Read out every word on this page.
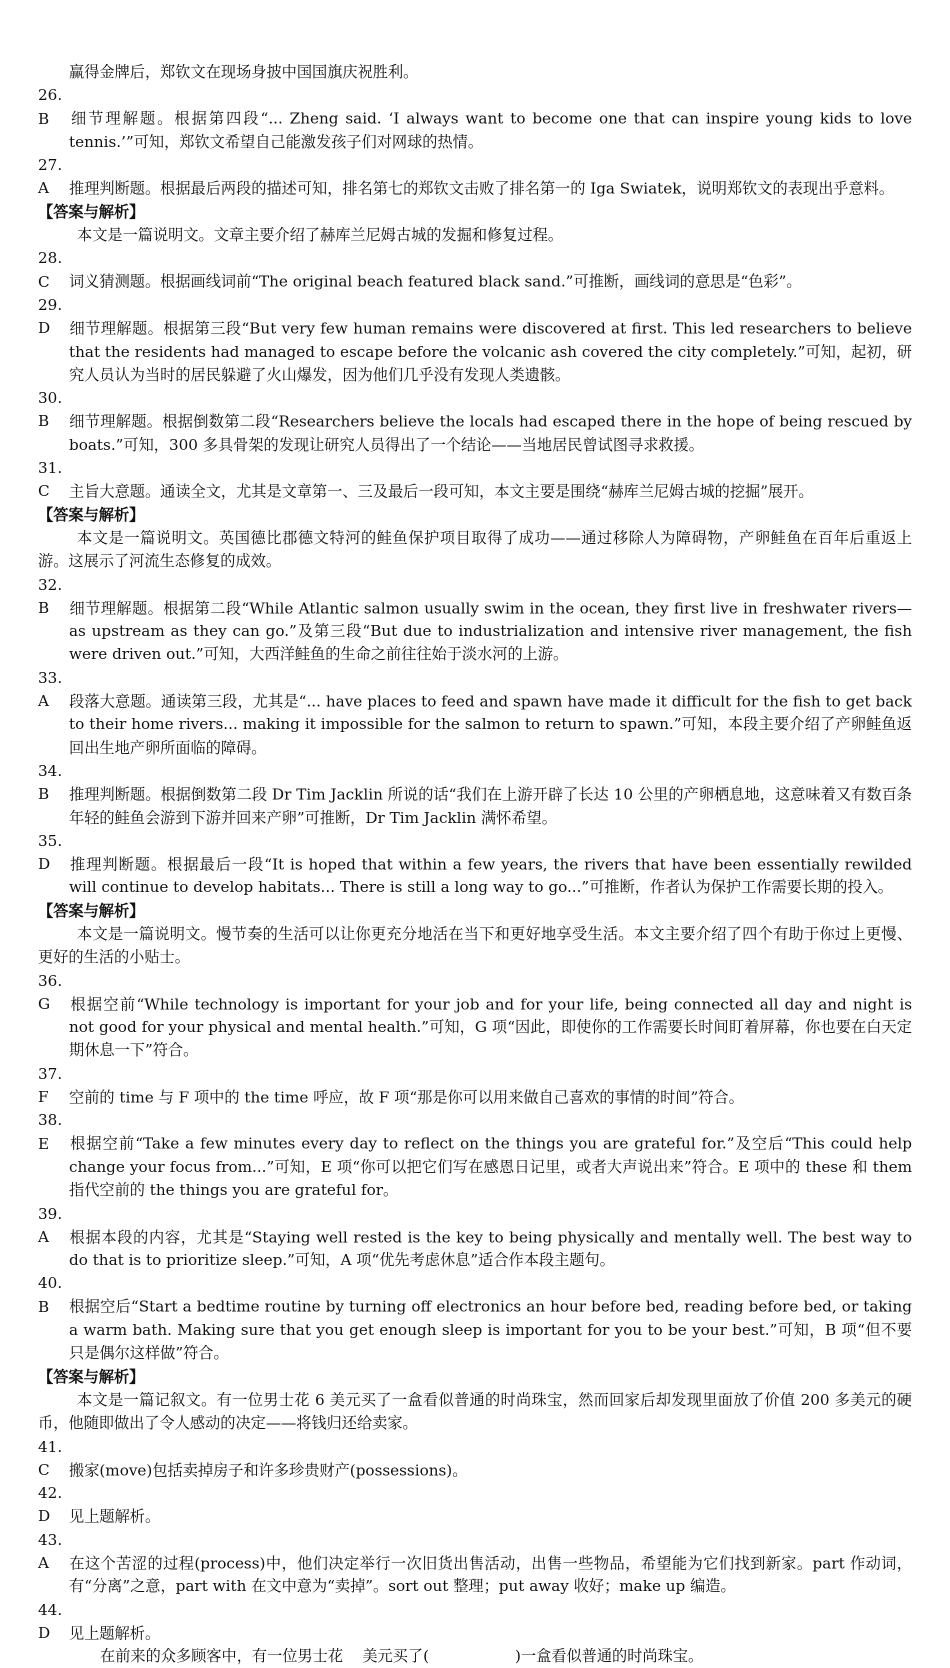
赢得金牌后，郑钦文在现场身披中国国旗庆祝胜利。

26. B 细节理解题。根据第四段“... Zheng said. ‘I always want to become one that can inspire young kids to love tennis.’”可知，郑钦文希望自己能激发孩子们对网球的热情。

27. A 推理判断题。根据最后两段的描述可知，排名第七的郑钦文击败了排名第一的 Iga Swiatek，说明郑钦文的表现出乎意料。

【答案与解析】

本文是一篇说明文。文章主要介绍了赫库兰尼姆古城的发掘和修复过程。

28. C 词义猜测题。根据画线词前“The original beach featured black sand.”可推断，画线词的意思是“色彩”。

29. D 细节理解题。根据第三段“But very few human remains were discovered at first. This led researchers to believe that the residents had managed to escape before the volcanic ash covered the city completely.”可知，起初，研究人员认为当时的居民躲避了火山爆发，因为他们几乎没有发现人类遗骸。

30. B 细节理解题。根据倒数第二段“Researchers believe the locals had escaped there in the hope of being rescued by boats.”可知，300 多具骨架的发现让研究人员得出了一个结论——当地居民曾试图寻求救援。

31. C 主旨大意题。通读全文，尤其是文章第一、三及最后一段可知，本文主要是围绕“赫库兰尼姆古城的挖掘”展开。

【答案与解析】

本文是一篇说明文。英国德比郡德文特河的鲑鱼保护项目取得了成功——通过移除人为障碍物，产卵鲑鱼在百年后重返上游。这展示了河流生态修复的成效。

32. B 细节理解题。根据第二段“While Atlantic salmon usually swim in the ocean, they first live in freshwater rivers—as upstream as they can go.”及第三段“But due to industrialization and intensive river management, the fish were driven out.”可知，大西洋鲑鱼的生命之前往往始于淡水河的上游。

33. A 段落大意题。通读第三段，尤其是“... have places to feed and spawn have made it difficult for the fish to get back to their home rivers... making it impossible for the salmon to return to spawn.”可知，本段主要介绍了产卵鲑鱼返回出生地产卵所面临的障碍。

34. B 推理判断题。根据倒数第二段 Dr Tim Jacklin 所说的话“我们在上游开辟了长达 10 公里的产卵栖息地，这意味着又有数百条年轻的鲑鱼会游到下游并回来产卵”可推断，Dr Tim Jacklin 满怀希望。

35. D 推理判断题。根据最后一段“It is hoped that within a few years, the rivers that have been essentially rewilded will continue to develop habitats... There is still a long way to go...”可推断，作者认为保护工作需要长期的投入。

【答案与解析】

本文是一篇说明文。慢节奏的生活可以让你更充分地活在当下和更好地享受生活。本文主要介绍了四个有助于你过上更慢、更好的生活的小贴士。

36. G 根据空前“While technology is important for your job and for your life, being connected all day and night is not good for your physical and mental health.”可知，G 项“因此，即使你的工作需要长时间盯着屏幕，你也要在白天定期休息一下”符合。

37. F 空前的 time 与 F 项中的 the time 呼应，故 F 项“那是你可以用来做自己喜欢的事情的时间”符合。

38. E 根据空前“Take a few minutes every day to reflect on the things you are grateful for.”及空后“This could help change your focus from...”可知，E 项“你可以把它们写在感恩日记里，或者大声说出来”符合。E 项中的 these 和 them 指代空前的 the things you are grateful for。

39. A 根据本段的内容，尤其是“Staying well rested is the key to being physically and mentally well. The best way to do that is to prioritize sleep.”可知，A 项“优先考虑休息”适合作本段主题句。

40. B 根据空后“Start a bedtime routine by turning off electronics an hour before bed, reading before bed, or taking a warm bath. Making sure that you get enough sleep is important for you to be your best.”可知，B 项“但不要只是偶尔这样做”符合。

【答案与解析】

本文是一篇记叙文。有一位男士花 6 美元买了一盒看似普通的时尚珠宝，然而回家后却发现里面放了价值 200 多美元的硬币，他随即做出了令人感动的决定——将钱归还给卖家。

41. C 搬家(move)包括卖掉房子和许多珍贵财产(possessions)。

42. D 见上题解析。

43. A 在这个苦涩的过程(process)中，他们决定举行一次旧货出售活动，出售一些物品，希望能为它们找到新家。part 作动词，有“分离”之意，part with 在文中意为“卖掉”。sort out 整理；put away 收好；make up 编造。

44. D 见上题解析。

在前来的众多顾客中，有一位男士花 美元买了(	)一盒看似普通的时尚珠宝。
